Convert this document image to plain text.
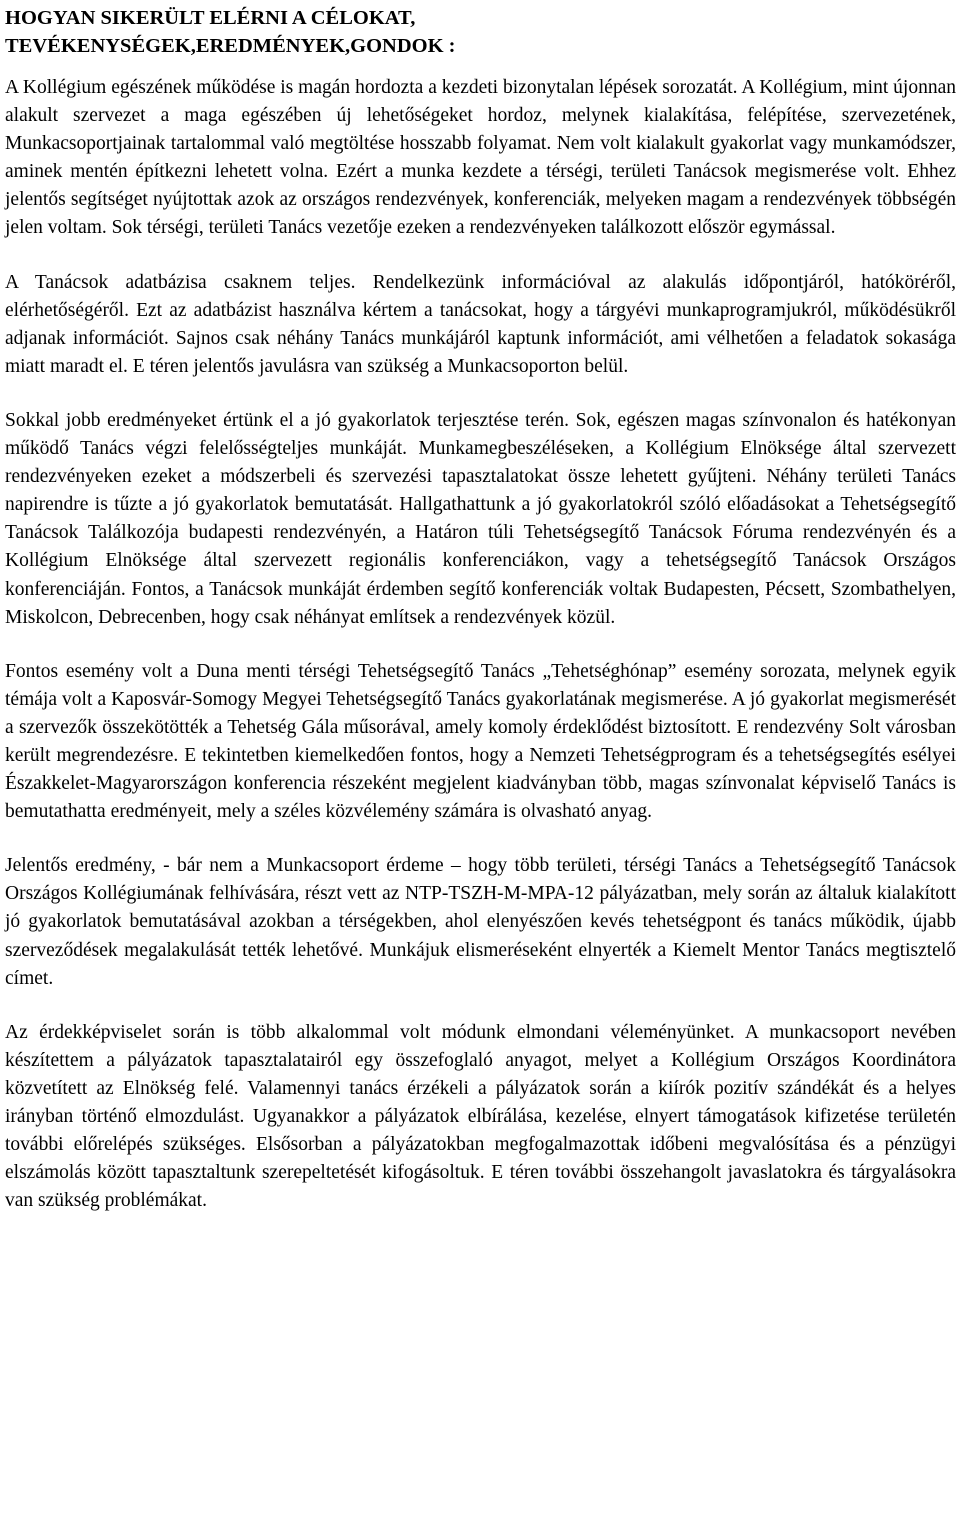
HOGYAN SIKERÜLT ELÉRNI A CÉLOKAT,
TEVÉKENYSÉGEK,EREDMÉNYEK,GONDOK :

A Kollégium egészének működése is magán hordozta a kezdeti bizonytalan lépések sorozatát. A Kollégium, mint újonnan alakult szervezet a maga egészében új lehetőségeket hordoz, melynek kialakítása, felépítése, szervezetének, Munkacsoportjainak tartalommal való megtöltése hosszabb folyamat. Nem volt kialakult gyakorlat vagy munkamódszer, aminek mentén építkezni lehetett volna. Ezért a munka kezdete a térségi, területi Tanácsok megismerése volt. Ehhez jelentős segítséget nyújtottak azok az országos rendezvények, konferenciák, melyeken magam a rendezvények többségén jelen voltam. Sok térségi, területi Tanács vezetője ezeken a rendezvényeken találkozott először egymással.

A Tanácsok adatbázisa csaknem teljes. Rendelkezünk információval az alakulás időpontjáról, hatóköréről, elérhetőségéről. Ezt az adatbázist használva kértem a tanácsokat, hogy a tárgyévi munkaprogramjukról, működésükről adjanak információt. Sajnos csak néhány Tanács munkájáról kaptunk információt, ami vélhetően a feladatok sokasága miatt maradt el. E téren jelentős javulásra van szükség a Munkacsoporton belül.

Sokkal jobb eredményeket értünk el a jó gyakorlatok terjesztése terén. Sok, egészen magas színvonalon és hatékonyan működő Tanács végzi felelősségteljes munkáját. Munkamegbeszéléseken, a Kollégium Elnöksége által szervezett rendezvényeken ezeket a módszerbeli és szervezési tapasztalatokat össze lehetett gyűjteni. Néhány területi Tanács napirendre is tűzte a jó gyakorlatok bemutatását. Hallgathattunk a jó gyakorlatokról szóló előadásokat a Tehetségsegítő Tanácsok Találkozója budapesti rendezvényén, a Határon túli Tehetségsegítő Tanácsok Fóruma rendezvényén és a Kollégium Elnöksége által szervezett regionális konferenciákon, vagy a tehetségsegítő Tanácsok Országos konferenciáján. Fontos, a Tanácsok munkáját érdemben segítő konferenciák voltak Budapesten, Pécsett, Szombathelyen, Miskolcon, Debrecenben, hogy csak néhányat említsek a rendezvények közül.

Fontos esemény volt a Duna menti térségi Tehetségsegítő Tanács „Tehetséghónap” esemény sorozata, melynek egyik témája volt a Kaposvár-Somogy Megyei Tehetségsegítő Tanács gyakorlatának megismerése. A jó gyakorlat megismerését a szervezők összekötötték a Tehetség Gála műsorával, amely komoly érdeklődést biztosított. E rendezvény Solt városban került megrendezésre. E tekintetben kiemelkedően fontos, hogy a Nemzeti Tehetségprogram és a tehetségsegítés esélyei Északkelet-Magyarországon konferencia részeként megjelent kiadványban több, magas színvonalat képviselő Tanács is bemutathatta eredményeit, mely a széles közvélemény számára is olvasható anyag.

Jelentős eredmény, - bár nem a Munkacsoport érdeme – hogy több területi, térségi Tanács a Tehetségsegítő Tanácsok Országos Kollégiumának felhívására, részt vett az NTP-TSZH-M-MPA-12 pályázatban, mely során az általuk kialakított jó gyakorlatok bemutatásával azokban a térségekben, ahol elenyészően kevés tehetségpont és tanács működik, újabb szerveződések megalakulását tették lehetővé. Munkájuk elismeréseként elnyerték a Kiemelt Mentor Tanács megtisztelő címet.

Az érdekképviselet során is több alkalommal volt módunk elmondani véleményünket. A munkacsoport nevében készítettem a pályázatok tapasztalatairól egy összefoglaló anyagot, melyet a Kollégium Országos Koordinátora közvetített az Elnökség felé. Valamennyi tanács érzékeli a pályázatok során a kiírók pozitív szándékát és a helyes irányban történő elmozdulást. Ugyanakkor a pályázatok elbírálása, kezelése, elnyert támogatások kifizetése területén további előrelépés szükséges. Elsősorban a pályázatokban megfogalmazottak időbeni megvalósítása és a pénzügyi elszámolás között tapasztaltunk szerepeltetését kifogásoltuk. E téren további összehangolt javaslatokra és tárgyalásokra van szükség problémákat.
